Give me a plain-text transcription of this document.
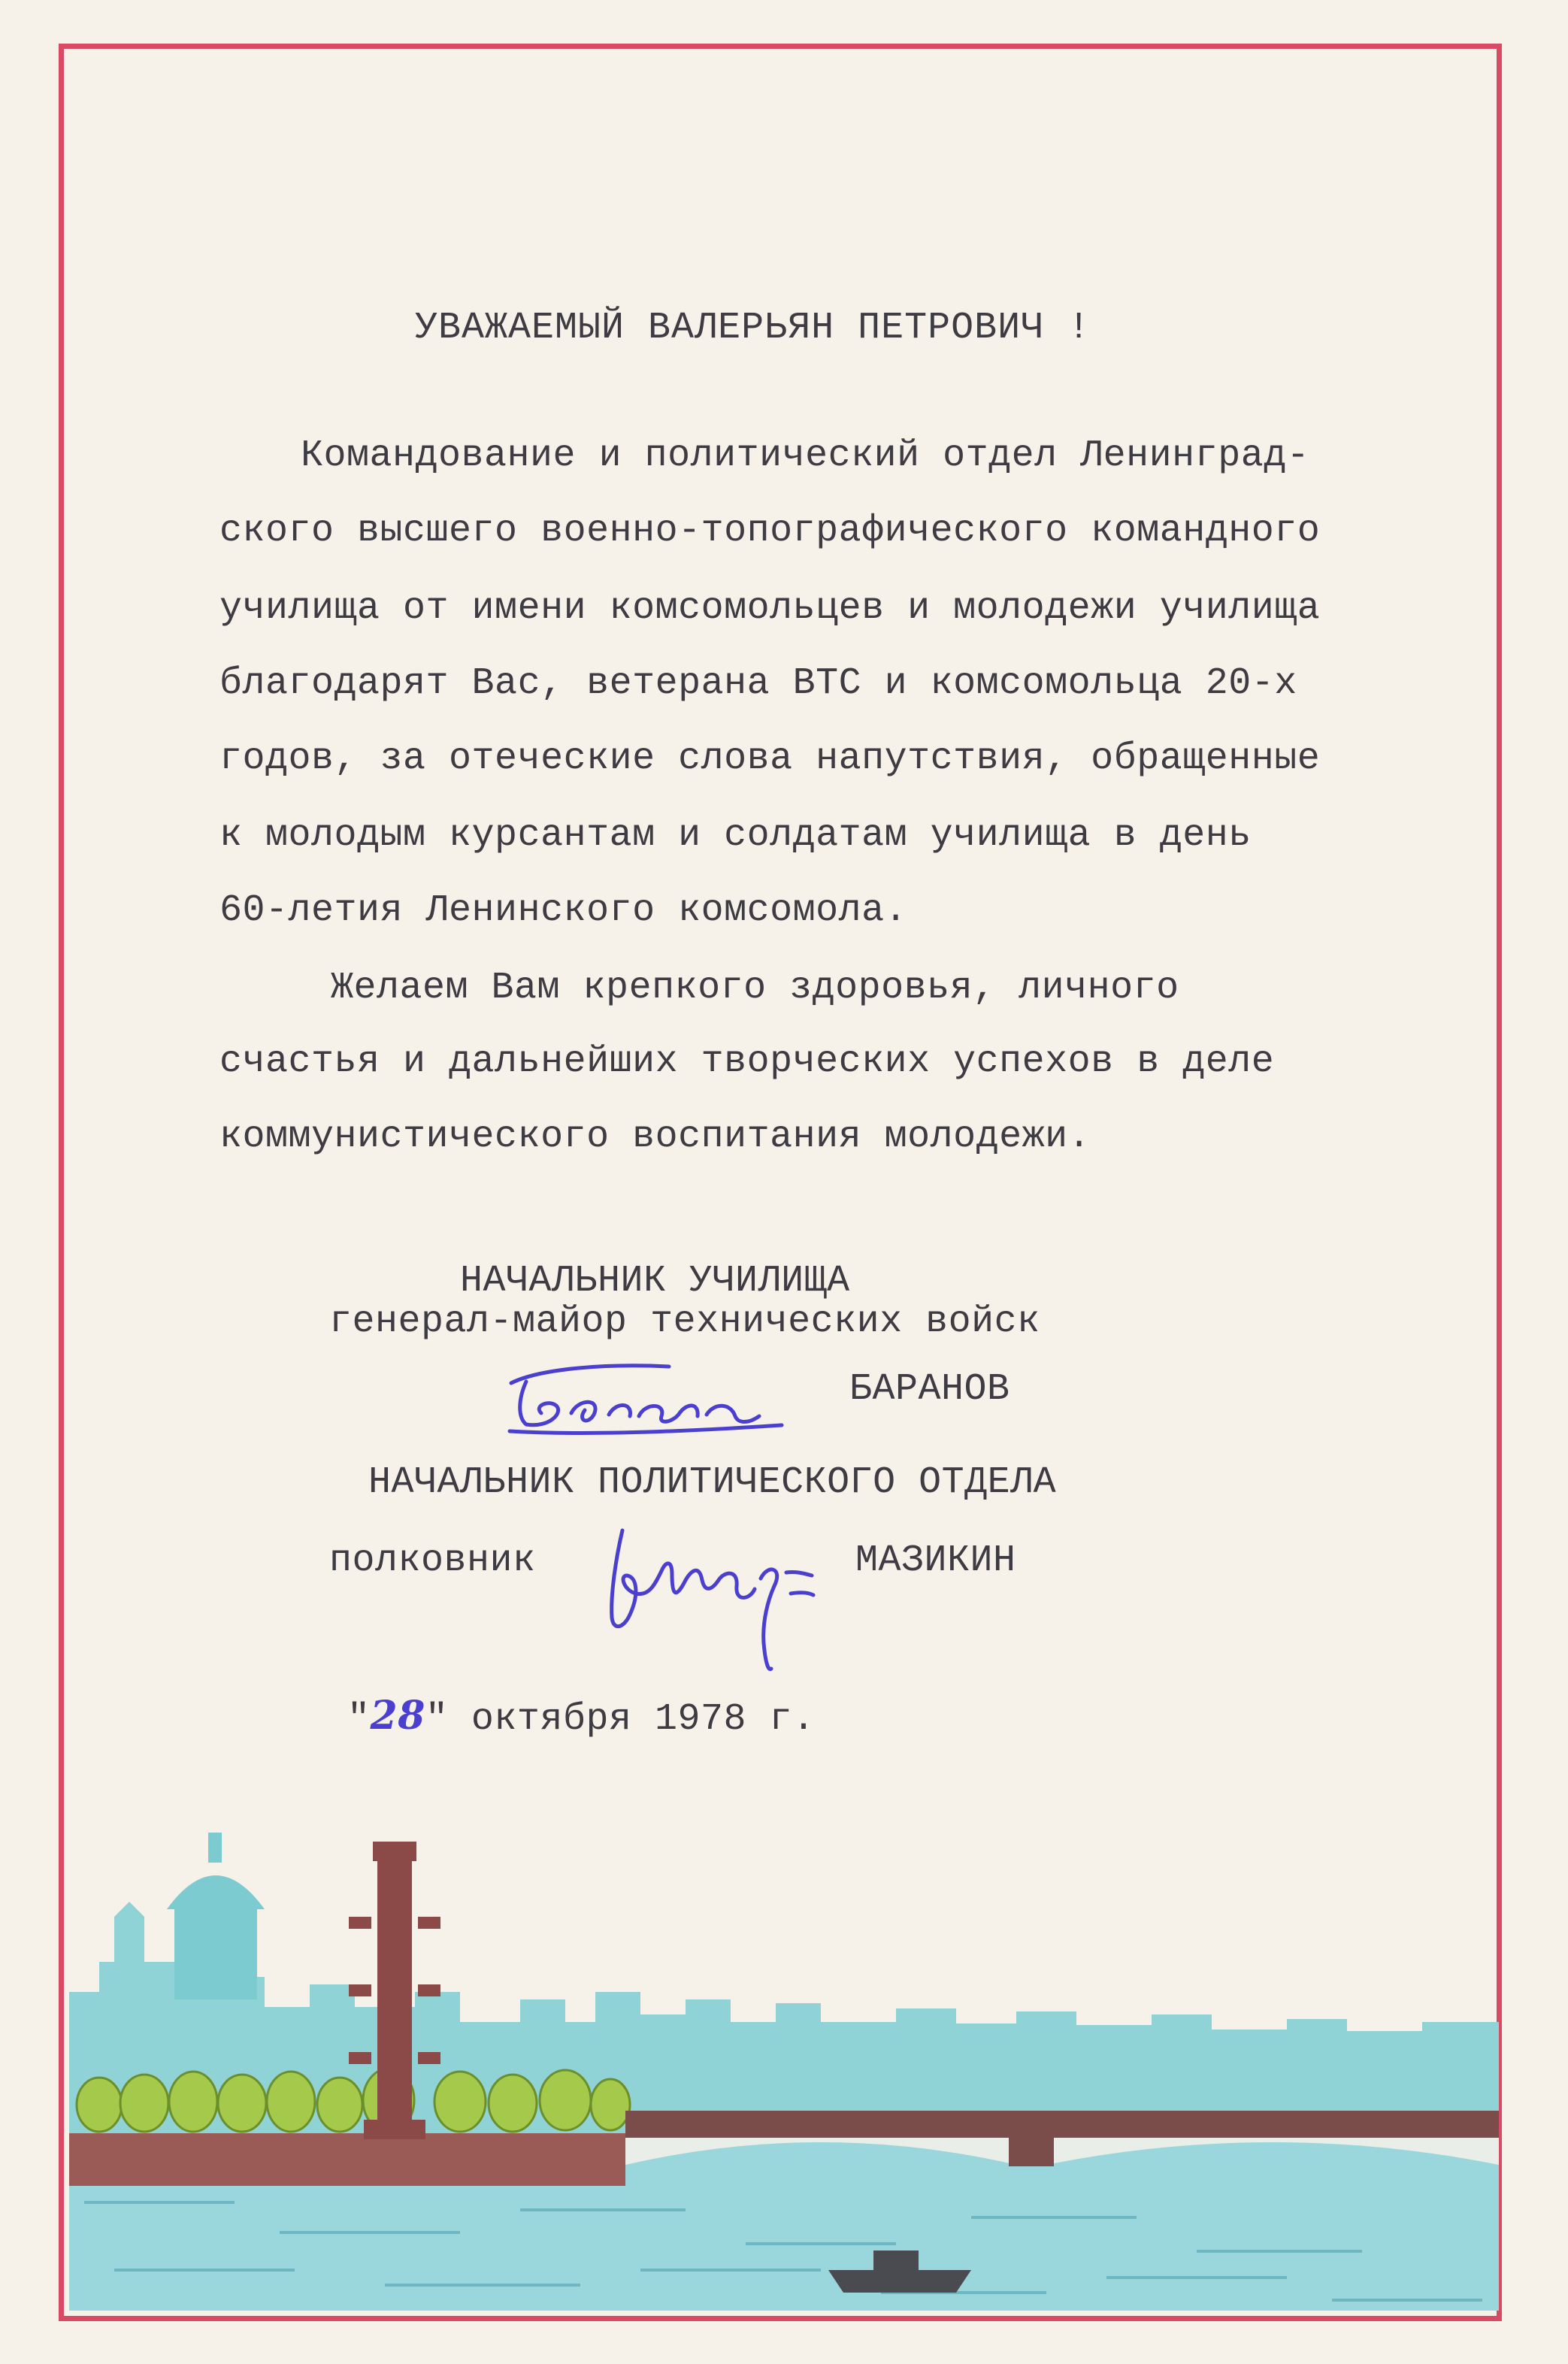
УВАЖАЕМЫЙ ВАЛЕРЬЯН ПЕТРОВИЧ !
Командование и политический отдел Ленинград-
ского высшего военно-топографического командного
училища от имени комсомольцев и молодежи училища
благодарят Вас, ветерана ВТС и комсомольца 20-х
годов, за отеческие слова напутствия, обращенные
к молодым курсантам и солдатам училища в день
60-летия Ленинского комсомола.
Желаем Вам крепкого здоровья, личного
счастья и дальнейших творческих успехов в деле
коммунистического воспитания молодежи.
НАЧАЛЬНИК УЧИЛИЩА
генерал-майор технических войск
БАРАНОВ
НАЧАЛЬНИК ПОЛИТИЧЕСКОГО ОТДЕЛА
полковник	МАЗИКИН
"28" октября 1978 г.
